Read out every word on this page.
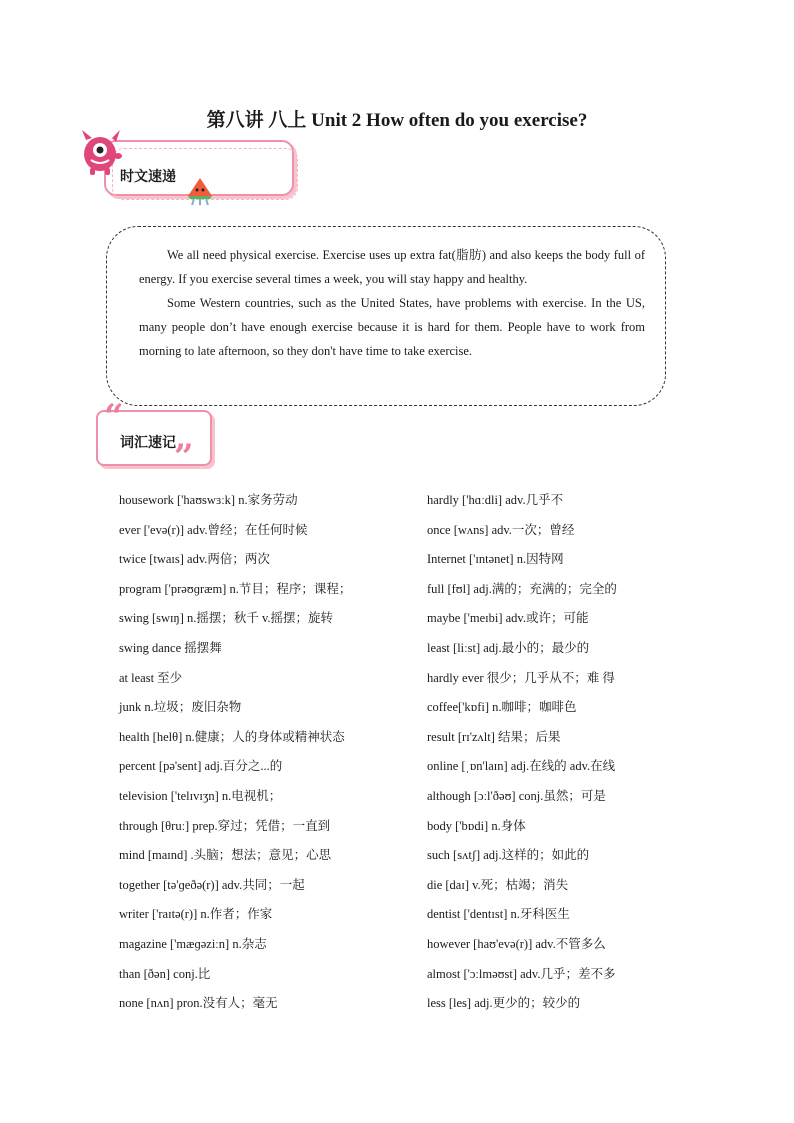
第八讲 八上 Unit 2 How often do you exercise?
时文速递

We all need physical exercise. Exercise uses up extra fat(脂肪) and also keeps the body full of energy. If you exercise several times a week, you will stay happy and healthy.

Some Western countries, such as the United States, have problems with exercise. In the US, many people don’t have enough exercise because it is hard for them. People have to work from morning to late afternoon, so they don't have time to take exercise.

“
”
词汇速记
housework ['haʊswɜːk] n.家务劳动
ever ['evə(r)] adv.曾经；在任何时候
twice [twaɪs] adv.两倍；两次
program ['prəʊɡræm] n.节目；程序；课程；
swing [swɪŋ] n.摇摆；秋千 v.摇摆；旋转
swing dance 摇摆舞
at least 至少
junk n.垃圾；废旧杂物
health [helθ] n.健康；人的身体或精神状态
percent [pə'sent] adj.百分之...的
television ['telɪvɪʒn] n.电视机；
through [θruː] prep.穿过；凭借；一直到
mind [maɪnd] .头脑；想法；意见；心思
together [tə'ɡeðə(r)] adv.共同；一起
writer ['raɪtə(r)] n.作者；作家
magazine ['mæɡəziːn] n.杂志
than [ðən] conj.比
none [nʌn] pron.没有人；毫无
hardly ['hɑːdli] adv.几乎不
once [wʌns] adv.一次；曾经
Internet ['ɪntənet] n.因特网
full [fʊl] adj.满的；充满的；完全的
maybe ['meɪbi] adv.或许；可能
least [liːst] adj.最小的；最少的
hardly ever 很少；几乎从不；难 得
coffee['kɒfi] n.咖啡；咖啡色
result [rɪ'zʌlt] 结果；后果
online [ˌɒn'laɪn] adj.在线的 adv.在线
although [ɔːl'ðəʊ] conj.虽然；可是
body ['bɒdi] n.身体
such [sʌtʃ] adj.这样的；如此的
die [daɪ] v.死；枯竭；消失
dentist ['dentɪst] n.牙科医生
however [haʊ'evə(r)] adv.不管多么
almost ['ɔːlməʊst] adv.几乎；差不多
less [les] adj.更少的；较少的
